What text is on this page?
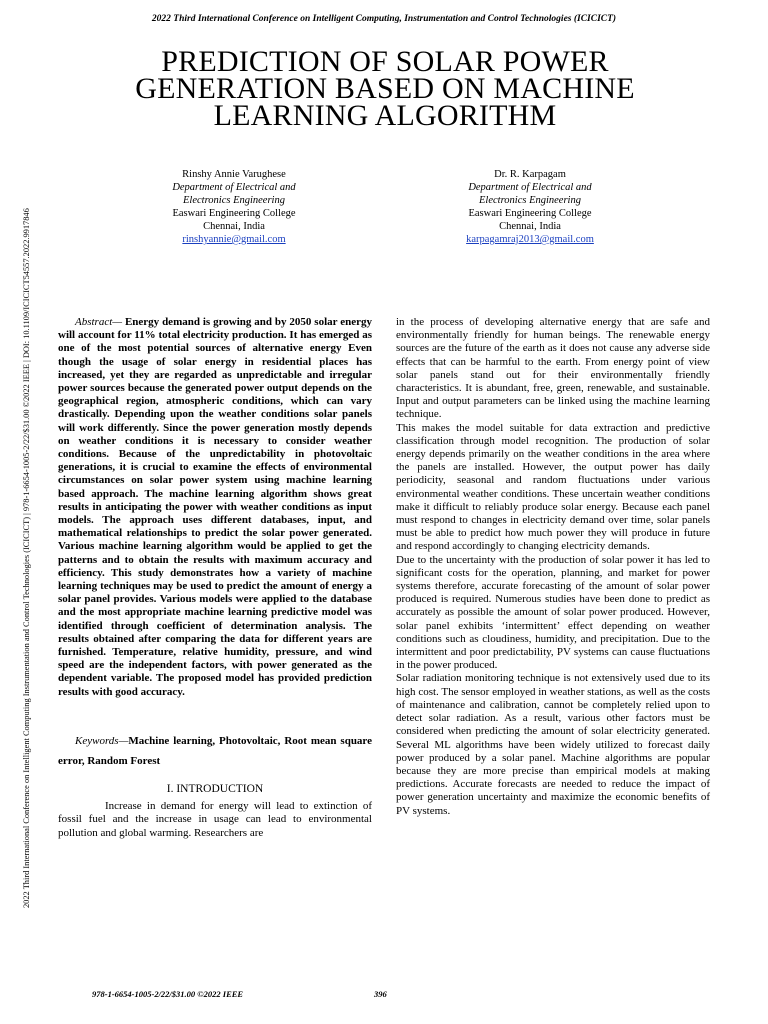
2022 Third International Conference on Intelligent Computing, Instrumentation and Control Technologies (ICICICT)
PREDICTION OF SOLAR POWER GENERATION BASED ON MACHINE LEARNING ALGORITHM
Rinshy Annie Varughese
Department of Electrical and
Electronics Engineering
Easwari Engineering College
Chennai, India
rinshyannie@gmail.com
Dr. R. Karpagam
Department of Electrical and
Electronics Engineering
Easwari Engineering College
Chennai, India
karpagamraj2013@gmail.com
2022 Third International Conference on Intelligent Computing Instrumentation and Control Technologies (ICICICT) | 978-1-6654-1005-2/22/$31.00 ©2022 IEEE | DOI: 10.1109/ICICICT54557.2022.9917846	Abstract— Energy demand is growing and by 2050 solar energy will account for 11% total electricity production. It has emerged as one of the most potential sources of alternative energy Even though the usage of solar energy in residential places has increased, yet they are regarded as unpredictable and irregular power sources because the generated power output depends on the geographical region, atmospheric conditions, which can vary drastically. Depending upon the weather conditions solar panels will work differently. Since the power generation mostly depends on weather conditions it is necessary to consider weather conditions. Because of the unpredictability in photovoltaic generations, it is crucial to examine the effects of environmental circumstances on solar power system using machine learning based approach. The machine learning algorithm shows great results in anticipating the power with weather conditions as input models. The approach uses different databases, input, and mathematical relationships to predict the solar power generated. Various machine learning algorithm would be applied to get the patterns and to obtain the results with maximum accuracy and efficiency. This study demonstrates how a variety of machine learning techniques may be used to predict the amount of energy a solar panel provides. Various models were applied to the database and the most appropriate machine learning predictive model was identified through coefficient of determination analysis. The results obtained after comparing the data for different years are furnished. Temperature, relative humidity, pressure, and wind speed are the independent factors, with power generated as the dependent variable. The proposed model has provided prediction results with good accuracy.

Keywords—Machine learning, Photovoltaic, Root mean square error, Random Forest

I. INTRODUCTION

Increase in demand for energy will lead to extinction of fossil fuel and the increase in usage can lead to environmental pollution and global warming. Researchers are

in the process of developing alternative energy that are safe and environmentally friendly for human beings. The renewable energy sources are the future of the earth as it does not cause any adverse side effects that can be harmful to the earth. From energy point of view solar panels stand out for their environmentally friendly characteristics. It is abundant, free, green, renewable, and sustainable. Input and output parameters can be linked using the machine learning technique.

This makes the model suitable for data extraction and predictive classification through model recognition. The production of solar energy depends primarily on the weather conditions in the area where the panels are installed. However, the output power has daily periodicity, seasonal and random fluctuations under various environmental weather conditions. These uncertain weather conditions make it difficult to reliably produce solar energy. Because each panel must respond to changes in electricity demand over time, solar panels must be able to predict how much power they will produce in future and respond accordingly to changing electricity demands.

Due to the uncertainty with the production of solar power it has led to significant costs for the operation, planning, and market for power systems therefore, accurate forecasting of the amount of solar power produced is required. Numerous studies have been done to predict as accurately as possible the amount of solar power produced. However, solar panel exhibits ‘intermittent’ effect depending on weather conditions such as cloudiness, humidity, and precipitation. Due to the intermittent and poor predictability, PV systems can cause fluctuations in the power produced.

Solar radiation monitoring technique is not extensively used due to its high cost. The sensor employed in weather stations, as well as the costs of maintenance and calibration, cannot be completely relied upon to detect solar radiation. As a result, various other factors must be considered when predicting the amount of solar electricity generated. Several ML algorithms have been widely utilized to forecast daily power produced by a solar panel. Machine algorithms are popular because they are more precise than empirical models at making predictions. Accurate forecasts are needed to reduce the impact of power generation uncertainty and maximize the economic benefits of PV systems.

978-1-6654-1005-2/22/$31.00 ©2022 IEEE	396
